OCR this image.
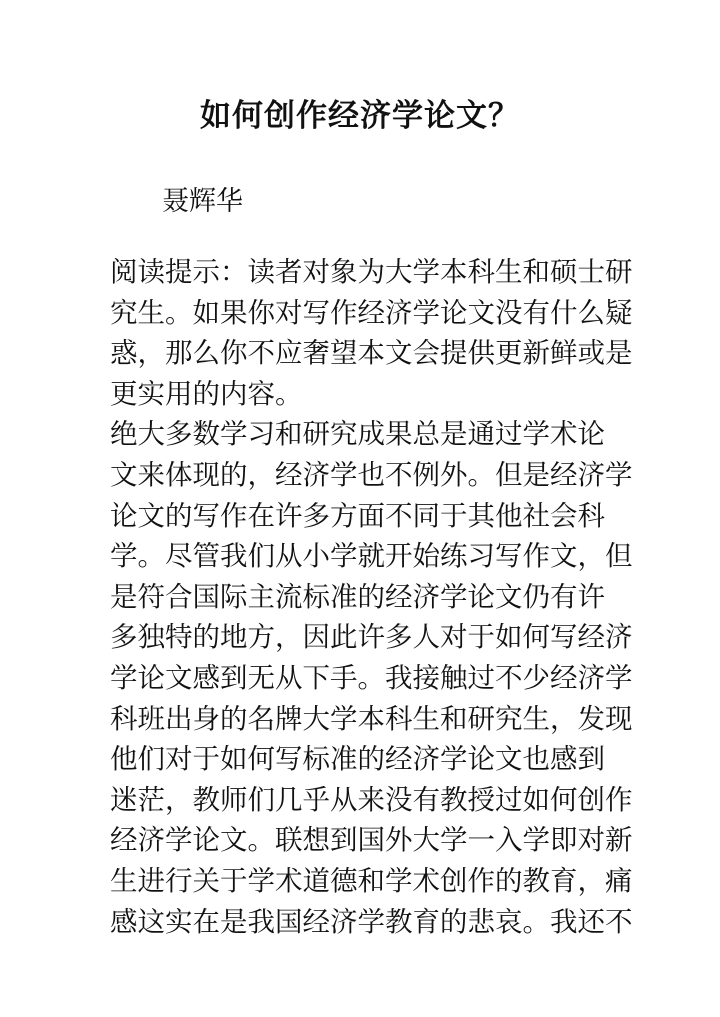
如何创作经济学论文？

聂辉华

阅读提示：读者对象为大学本科生和硕士研
究生。如果你对写作经济学论文没有什么疑
惑，那么你不应奢望本文会提供更新鲜或是
更实用的内容。
绝大多数学习和研究成果总是通过学术论
文来体现的，经济学也不例外。但是经济学
论文的写作在许多方面不同于其他社会科
学。尽管我们从小学就开始练习写作文，但
是符合国际主流标准的经济学论文仍有许
多独特的地方，因此许多人对于如何写经济
学论文感到无从下手。我接触过不少经济学
科班出身的名牌大学本科生和研究生，发现
他们对于如何写标准的经济学论文也感到
迷茫，教师们几乎从来没有教授过如何创作
经济学论文。联想到国外大学一入学即对新
生进行关于学术道德和学术创作的教育，痛
感这实在是我国经济学教育的悲哀。我还不
